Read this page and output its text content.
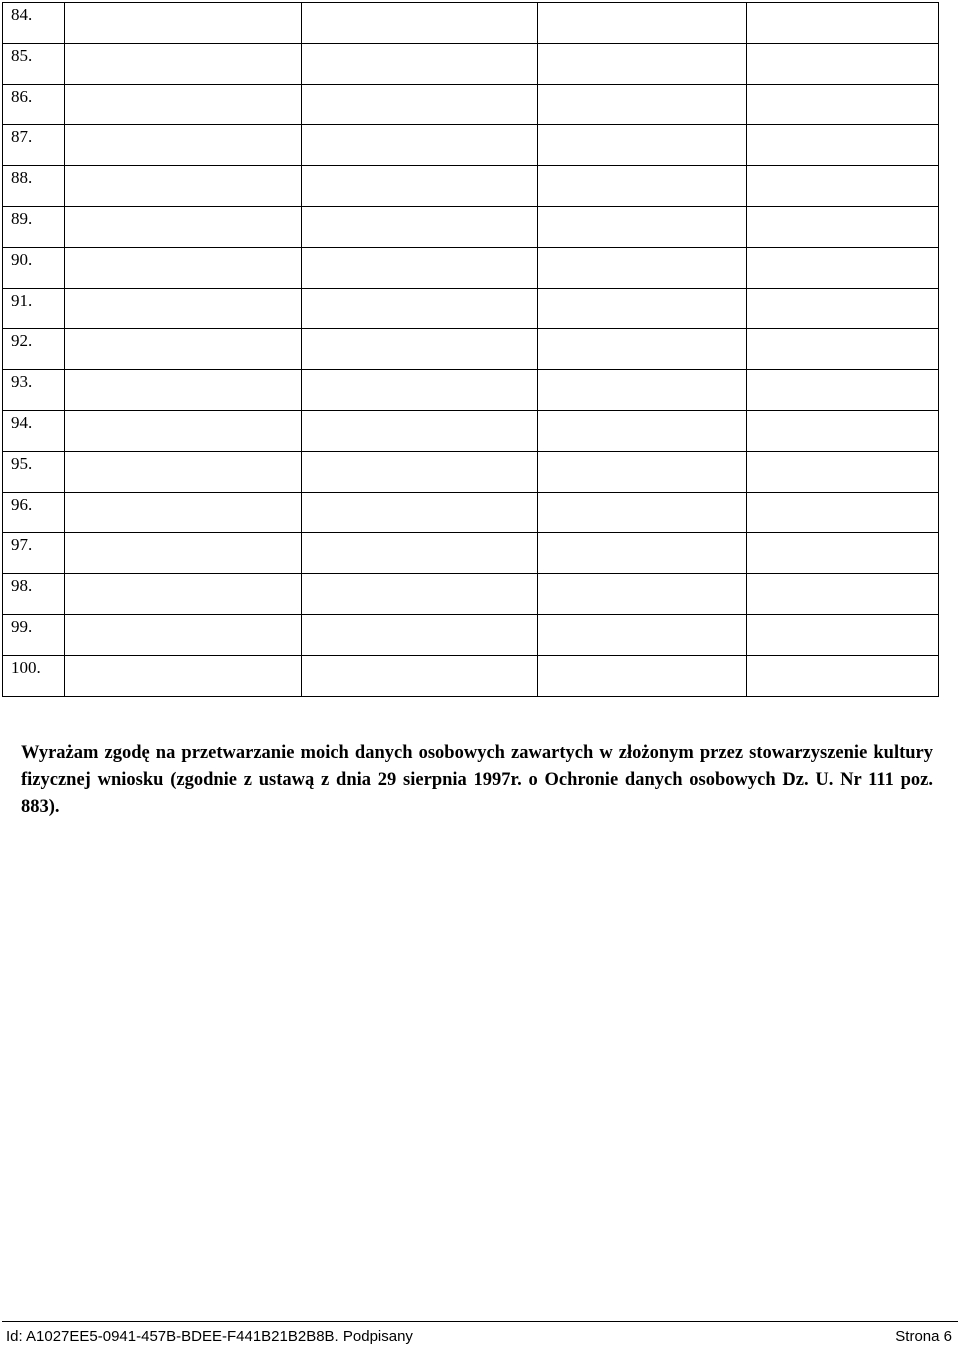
84.				
85.				
86.				
87.				
88.				
89.				
90.				
91.				
92.				
93.				
94.				
95.				
96.				
97.				
98.				
99.				
100.				

Wyrażam zgodę na przetwarzanie moich danych osobowych zawartych w złożonym przez stowarzyszenie kultury fizycznej wniosku (zgodnie z ustawą z dnia 29 sierpnia 1997r. o Ochronie danych osobowych Dz. U. Nr 111 poz. 883).

Id: A1027EE5-0941-457B-BDEE-F441B21B2B8B. Podpisany	Strona 6
